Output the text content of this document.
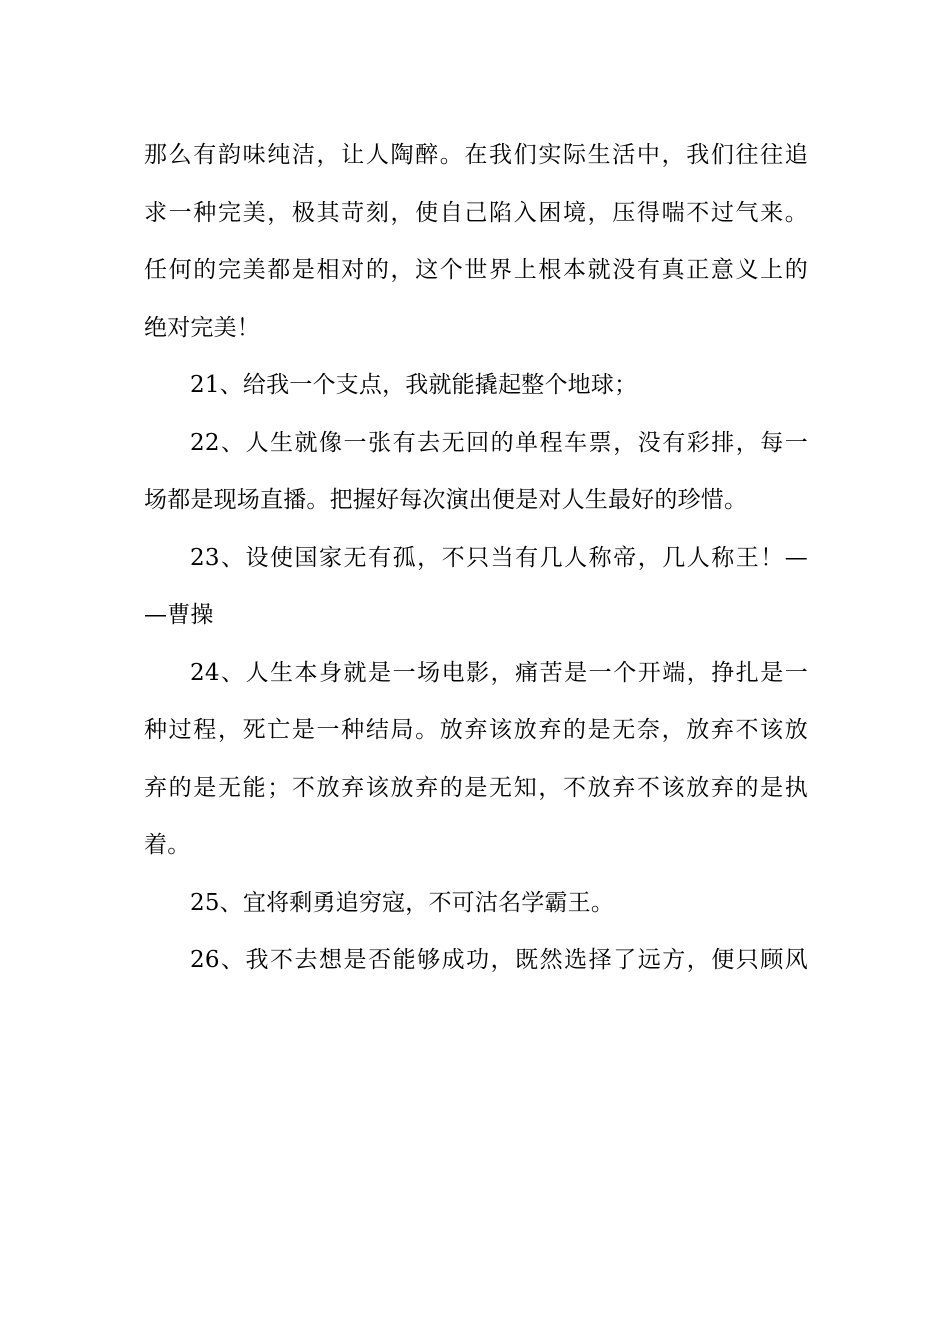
那么有韵味纯洁，让人陶醉。在我们实际生活中，我们往往追
求一种完美，极其苛刻，使自己陷入困境，压得喘不过气来。
任何的完美都是相对的，这个世界上根本就没有真正意义上的
绝对完美！
21、给我一个支点，我就能撬起整个地球；
22、人生就像一张有去无回的单程车票，没有彩排，每一
场都是现场直播。把握好每次演出便是对人生最好的珍惜。
23、设使国家无有孤，不只当有几人称帝，几人称王！—
—曹操
24、人生本身就是一场电影，痛苦是一个开端，挣扎是一
种过程，死亡是一种结局。放弃该放弃的是无奈，放弃不该放
弃的是无能；不放弃该放弃的是无知，不放弃不该放弃的是执
着。
25、宜将剩勇追穷寇，不可沽名学霸王。
26、我不去想是否能够成功，既然选择了远方，便只顾风
